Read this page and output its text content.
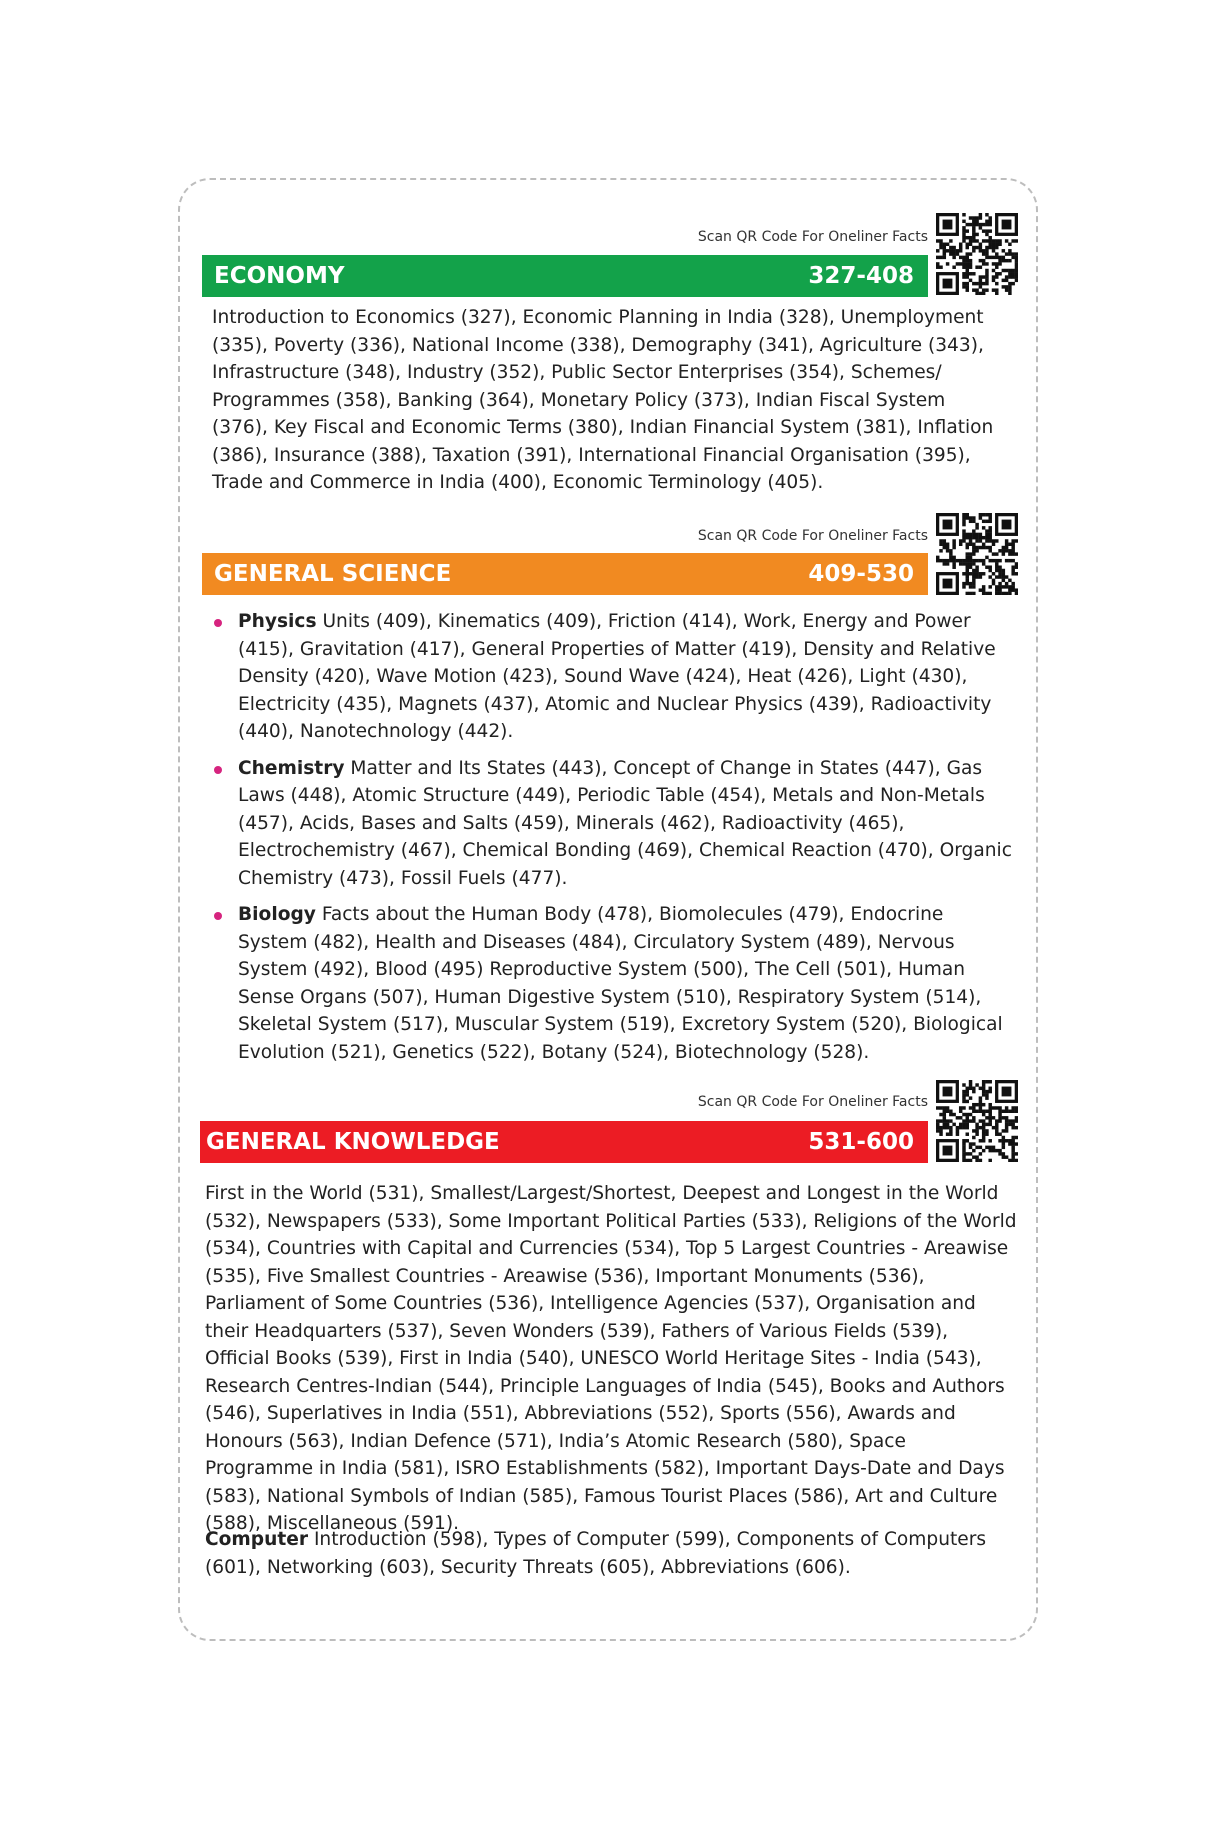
Scan QR Code For Oneliner Facts
ECONOMY	327-408

Introduction to Economics (327), Economic Planning in India (328), Unemployment (335), Poverty (336), National Income (338), Demography (341), Agriculture (343), Infrastructure (348), Industry (352), Public Sector Enterprises (354), Schemes/ Programmes (358), Banking (364), Monetary Policy (373), Indian Fiscal System (376), Key Fiscal and Economic Terms (380), Indian Financial System (381), Inflation (386), Insurance (388), Taxation (391), International Financial Organisation (395), Trade and Commerce in India (400), Economic Terminology (405).

Scan QR Code For Oneliner Facts
GENERAL SCIENCE	409-530
Physics Units (409), Kinematics (409), Friction (414), Work, Energy and Power (415), Gravitation (417), General Properties of Matter (419), Density and Relative Density (420), Wave Motion (423), Sound Wave (424), Heat (426), Light (430), Electricity (435), Magnets (437), Atomic and Nuclear Physics (439), Radioactivity (440), Nanotechnology (442).
Chemistry Matter and Its States (443), Concept of Change in States (447), Gas Laws (448), Atomic Structure (449), Periodic Table (454), Metals and Non-Metals (457), Acids, Bases and Salts (459), Minerals (462), Radioactivity (465), Electrochemistry (467), Chemical Bonding (469), Chemical Reaction (470), Organic Chemistry (473), Fossil Fuels (477).
Biology Facts about the Human Body (478), Biomolecules (479), Endocrine System (482), Health and Diseases (484), Circulatory System (489), Nervous System (492), Blood (495) Reproductive System (500), The Cell (501), Human Sense Organs (507), Human Digestive System (510), Respiratory System (514), Skeletal System (517), Muscular System (519), Excretory System (520), Biological Evolution (521), Genetics (522), Botany (524), Biotechnology (528).
Scan QR Code For Oneliner Facts
GENERAL KNOWLEDGE	531-600

First in the World (531), Smallest/Largest/Shortest, Deepest and Longest in the World (532), Newspapers (533), Some Important Political Parties (533), Religions of the World (534), Countries with Capital and Currencies (534), Top 5 Largest Countries - Areawise (535), Five Smallest Countries - Areawise (536), Important Monuments (536), Parliament of Some Countries (536), Intelligence Agencies (537), Organisation and their Headquarters (537), Seven Wonders (539), Fathers of Various Fields (539), Official Books (539), First in India (540), UNESCO World Heritage Sites - India (543), Research Centres-Indian (544), Principle Languages of India (545), Books and Authors (546), Superlatives in India (551), Abbreviations (552), Sports (556), Awards and Honours (563), Indian Defence (571), India’s Atomic Research (580), Space Programme in India (581), ISRO Establishments (582), Important Days-Date and Days (583), National Symbols of Indian (585), Famous Tourist Places (586), Art and Culture (588), Miscellaneous (591).

Computer Introduction (598), Types of Computer (599), Components of Computers (601), Networking (603), Security Threats (605), Abbreviations (606).
